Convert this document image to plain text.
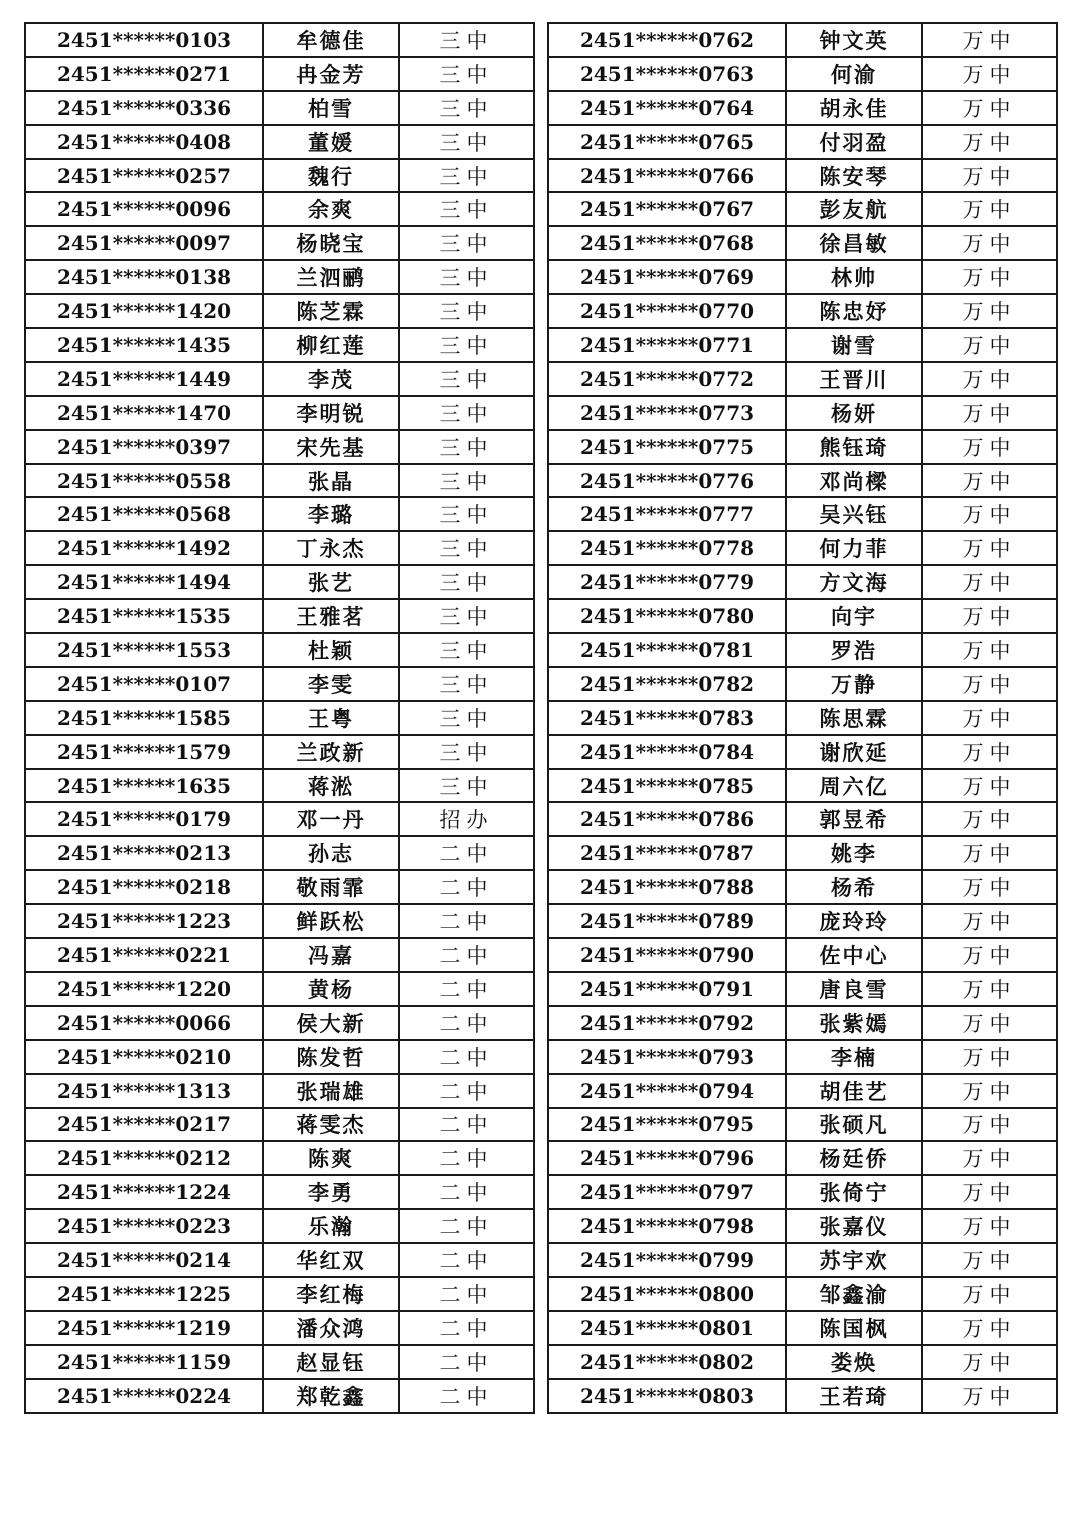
2451******0103	牟德佳	三中
2451******0271	冉金芳	三中
2451******0336	柏雪	三中
2451******0408	董媛	三中
2451******0257	魏行	三中
2451******0096	余爽	三中
2451******0097	杨晓宝	三中
2451******0138	兰泗鹂	三中
2451******1420	陈芝霖	三中
2451******1435	柳红莲	三中
2451******1449	李茂	三中
2451******1470	李明锐	三中
2451******0397	宋先基	三中
2451******0558	张晶	三中
2451******0568	李璐	三中
2451******1492	丁永杰	三中
2451******1494	张艺	三中
2451******1535	王雅茗	三中
2451******1553	杜颖	三中
2451******0107	李雯	三中
2451******1585	王粤	三中
2451******1579	兰政新	三中
2451******1635	蒋淞	三中
2451******0179	邓一丹	招办
2451******0213	孙志	二中
2451******0218	敬雨霏	二中
2451******1223	鲜跃松	二中
2451******0221	冯嘉	二中
2451******1220	黄杨	二中
2451******0066	侯大新	二中
2451******0210	陈发哲	二中
2451******1313	张瑞雄	二中
2451******0217	蒋雯杰	二中
2451******0212	陈爽	二中
2451******1224	李勇	二中
2451******0223	乐瀚	二中
2451******0214	华红双	二中
2451******1225	李红梅	二中
2451******1219	潘众鸿	二中
2451******1159	赵显钰	二中
2451******0224	郑乾鑫	二中
2451******0762	钟文英	万中
2451******0763	何渝	万中
2451******0764	胡永佳	万中
2451******0765	付羽盈	万中
2451******0766	陈安琴	万中
2451******0767	彭友航	万中
2451******0768	徐昌敏	万中
2451******0769	林帅	万中
2451******0770	陈忠妤	万中
2451******0771	谢雪	万中
2451******0772	王晋川	万中
2451******0773	杨妍	万中
2451******0775	熊钰琦	万中
2451******0776	邓尚樑	万中
2451******0777	吴兴钰	万中
2451******0778	何力菲	万中
2451******0779	方文海	万中
2451******0780	向宇	万中
2451******0781	罗浩	万中
2451******0782	万静	万中
2451******0783	陈思霖	万中
2451******0784	谢欣延	万中
2451******0785	周六亿	万中
2451******0786	郭昱希	万中
2451******0787	姚李	万中
2451******0788	杨希	万中
2451******0789	庞玲玲	万中
2451******0790	佐中心	万中
2451******0791	唐良雪	万中
2451******0792	张紫嫣	万中
2451******0793	李楠	万中
2451******0794	胡佳艺	万中
2451******0795	张硕凡	万中
2451******0796	杨廷侨	万中
2451******0797	张倚宁	万中
2451******0798	张嘉仪	万中
2451******0799	苏宇欢	万中
2451******0800	邹鑫渝	万中
2451******0801	陈国枫	万中
2451******0802	娄焕	万中
2451******0803	王若琦	万中
